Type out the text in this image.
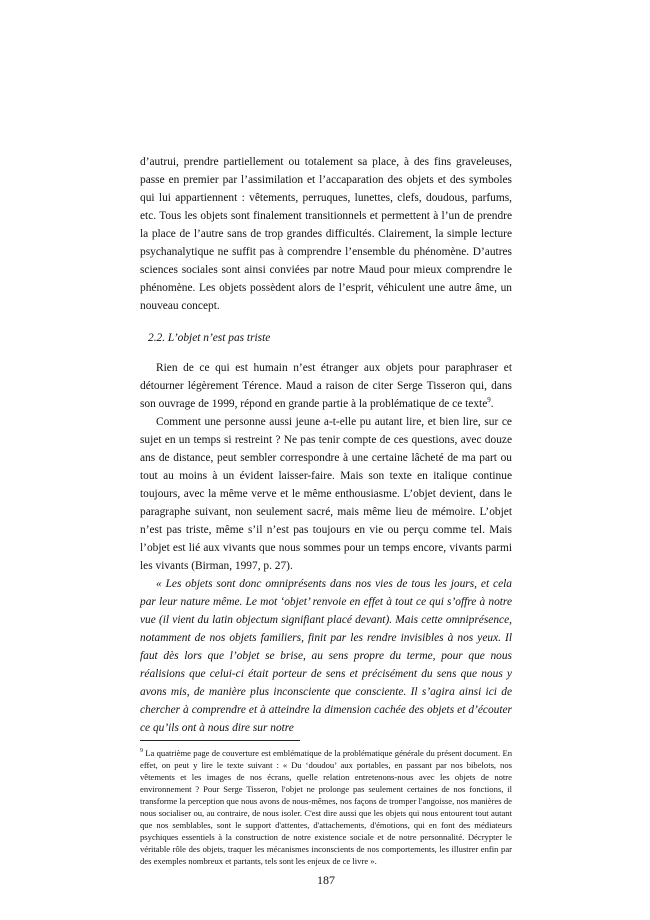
d’autrui, prendre partiellement ou totalement sa place, à des fins graveleuses, passe en premier par l’assimilation et l’accaparation des objets et des symboles qui lui appartiennent : vêtements, perruques, lunettes, clefs, doudous, parfums, etc. Tous les objets sont finalement transitionnels et permettent à l’un de prendre la place de l’autre sans de trop grandes difficultés. Clairement, la simple lecture psychanalytique ne suffit pas à comprendre l’ensemble du phénomène. D’autres sciences sociales sont ainsi conviées par notre Maud pour mieux comprendre le phénomène. Les objets possèdent alors de l’esprit, véhiculent une autre âme, un nouveau concept.

2.2. L’objet n’est pas triste

Rien de ce qui est humain n’est étranger aux objets pour paraphraser et détourner légèrement Térence. Maud a raison de citer Serge Tisseron qui, dans son ouvrage de 1999, répond en grande partie à la problématique de ce texte$^9$.

Comment une personne aussi jeune a-t-elle pu autant lire, et bien lire, sur ce sujet en un temps si restreint ? Ne pas tenir compte de ces questions, avec douze ans de distance, peut sembler correspondre à une certaine lâcheté de ma part ou tout au moins à un évident laisser-faire. Mais son texte en italique continue toujours, avec la même verve et le même enthousiasme. L’objet devient, dans le paragraphe suivant, non seulement sacré, mais même lieu de mémoire. L’objet n’est pas triste, même s’il n’est pas toujours en vie ou perçu comme tel. Mais l’objet est lié aux vivants que nous sommes pour un temps encore, vivants parmi les vivants (Birman, 1997, p. 27).

« Les objets sont donc omniprésents dans nos vies de tous les jours, et cela par leur nature même. Le mot ‘objet’ renvoie en effet à tout ce qui s’offre à notre vue (il vient du latin objectum signifiant placé devant). Mais cette omniprésence, notamment de nos objets familiers, finit par les rendre invisibles à nos yeux. Il faut dès lors que l’objet se brise, au sens propre du terme, pour que nous réalisions que celui-ci était porteur de sens et précisément du sens que nous y avons mis, de manière plus inconsciente que consciente. Il s’agira ainsi ici de chercher à comprendre et à atteindre la dimension cachée des objets et d’écouter ce qu’ils ont à nous dire sur notre

$^9$ La quatrième page de couverture est emblématique de la problématique générale du présent document. En effet, on peut y lire le texte suivant : « Du ‘doudou’ aux portables, en passant par nos bibelots, nos vêtements et les images de nos écrans, quelle relation entretenons-nous avec les objets de notre environnement ? Pour Serge Tisseron, l'objet ne prolonge pas seulement certaines de nos fonctions, il transforme la perception que nous avons de nous-mêmes, nos façons de tromper l'angoisse, nos manières de nous socialiser ou, au contraire, de nous isoler. C'est dire aussi que les objets qui nous entourent tout autant que nos semblables, sont le support d'attentes, d'attachements, d'émotions, qui en font des médiateurs psychiques essentiels à la construction de notre existence sociale et de notre personnalité. Décrypter le véritable rôle des objets, traquer les mécanismes inconscients de nos comportements, les illustrer enfin par des exemples nombreux et partants, tels sont les enjeux de ce livre ».

187
